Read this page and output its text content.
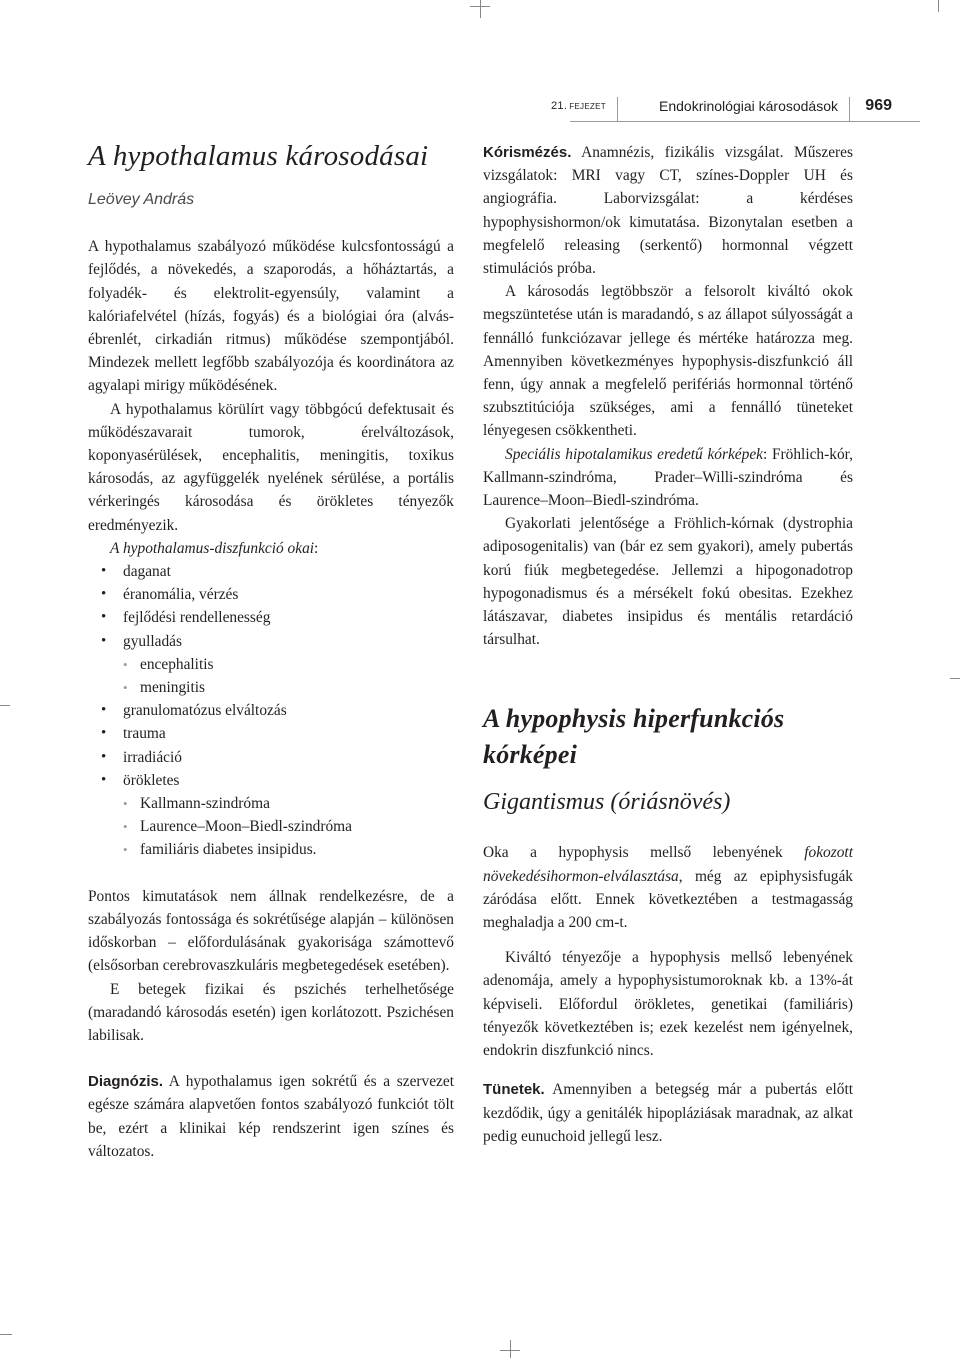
21. FEJEZET	Endokrinológiai károsodások 969
A hypothalamus károsodásai
Leövey András

A hypothalamus szabályozó működése kulcsfontosságú a fejlődés, a növekedés, a szaporodás, a hőháztartás, a folyadék- és elektrolit-egyensúly, valamint a kalóriafelvétel (hízás, fogyás) és a biológiai óra (alvás-ébrenlét, cirkadián ritmus) működése szempontjából. Mindezek mellett legfőbb szabályozója és koordinátora az agyalapi mirigy működésének.

A hypothalamus körülírt vagy többgócú defektusait és működészavarait tumorok, érelváltozások, koponyasérülések, encephalitis, meningitis, toxikus károsodás, az agyfüggelék nyelének sérülése, a portális vérkeringés károsodása és örökletes tényezők eredményezik.

A hypothalamus-diszfunkció okai:

• daganat
• éranomália, vérzés
• fejlődési rendellenesség
• gyulladás
• encephalitis
• meningitis
• granulomatózus elváltozás
• trauma
• irradiáció
• örökletes
• Kallmann-szindróma
• Laurence–Moon–Biedl-szindróma
• familiáris diabetes insipidus.

Pontos kimutatások nem állnak rendelkezésre, de a szabályozás fontossága és sokrétűsége alapján – különösen időskorban – előfordulásának gyakorisága számottevő (elsősorban cerebrovaszkuláris megbetegedések esetében).

E betegek fizikai és pszichés terhelhetősége (maradandó károsodás esetén) igen korlátozott. Pszichésen labilisak.

Diagnózis. A hypothalamus igen sokrétű és a szervezet egésze számára alapvetően fontos szabályozó funkciót tölt be, ezért a klinikai kép rendszerint igen színes és változatos.

Kórismézés. Anamnézis, fizikális vizsgálat. Műszeres vizsgálatok: MRI vagy CT, színes-Doppler UH és angiográfia. Laborvizsgálat: a kérdéses hypophysishormon/ok kimutatása. Bizonytalan esetben a megfelelő releasing (serkentő) hormonnal végzett stimulációs próba.

A károsodás legtöbbször a felsorolt kiváltó okok megszüntetése után is maradandó, s az állapot súlyosságát a fennálló funkciózavar jellege és mértéke határozza meg. Amennyiben következményes hypophysis-diszfunkció áll fenn, úgy annak a megfelelő perifériás hormonnal történő szubsztitúciója szükséges, ami a fennálló tüneteket lényegesen csökkentheti.

Speciális hipotalamikus eredetű kórképek: Fröhlich-kór, Kallmann-szindróma, Prader–Willi-szindróma és Laurence–Moon–Biedl-szindróma.

Gyakorlati jelentősége a Fröhlich-kórnak (dystrophia adiposogenitalis) van (bár ez sem gyakori), amely pubertás korú fiúk megbetegedése. Jellemzi a hipogonadotrop hypogonadismus és a mérsékelt fokú obesitas. Ezekhez látászavar, diabetes insipidus és mentális retardáció társulhat.

A hypophysis hiperfunkciós kórképei
Gigantismus (óriásnövés)

Oka a hypophysis mellső lebenyének fokozott növekedésihormon-elválasztása, még az epiphysisfugák záródása előtt. Ennek következtében a testmagasság meghaladja a 200 cm-t.

Kiváltó tényezője a hypophysis mellső lebenyének adenomája, amely a hypophysistumoroknak kb. a 13%-át képviseli. Előfordul örökletes, genetikai (familiáris) tényezők következtében is; ezek kezelést nem igényelnek, endokrin diszfunkció nincs.

Tünetek. Amennyiben a betegség már a pubertás előtt kezdődik, úgy a genitálék hipopláziásak maradnak, az alkat pedig eunuchoid jellegű lesz.
